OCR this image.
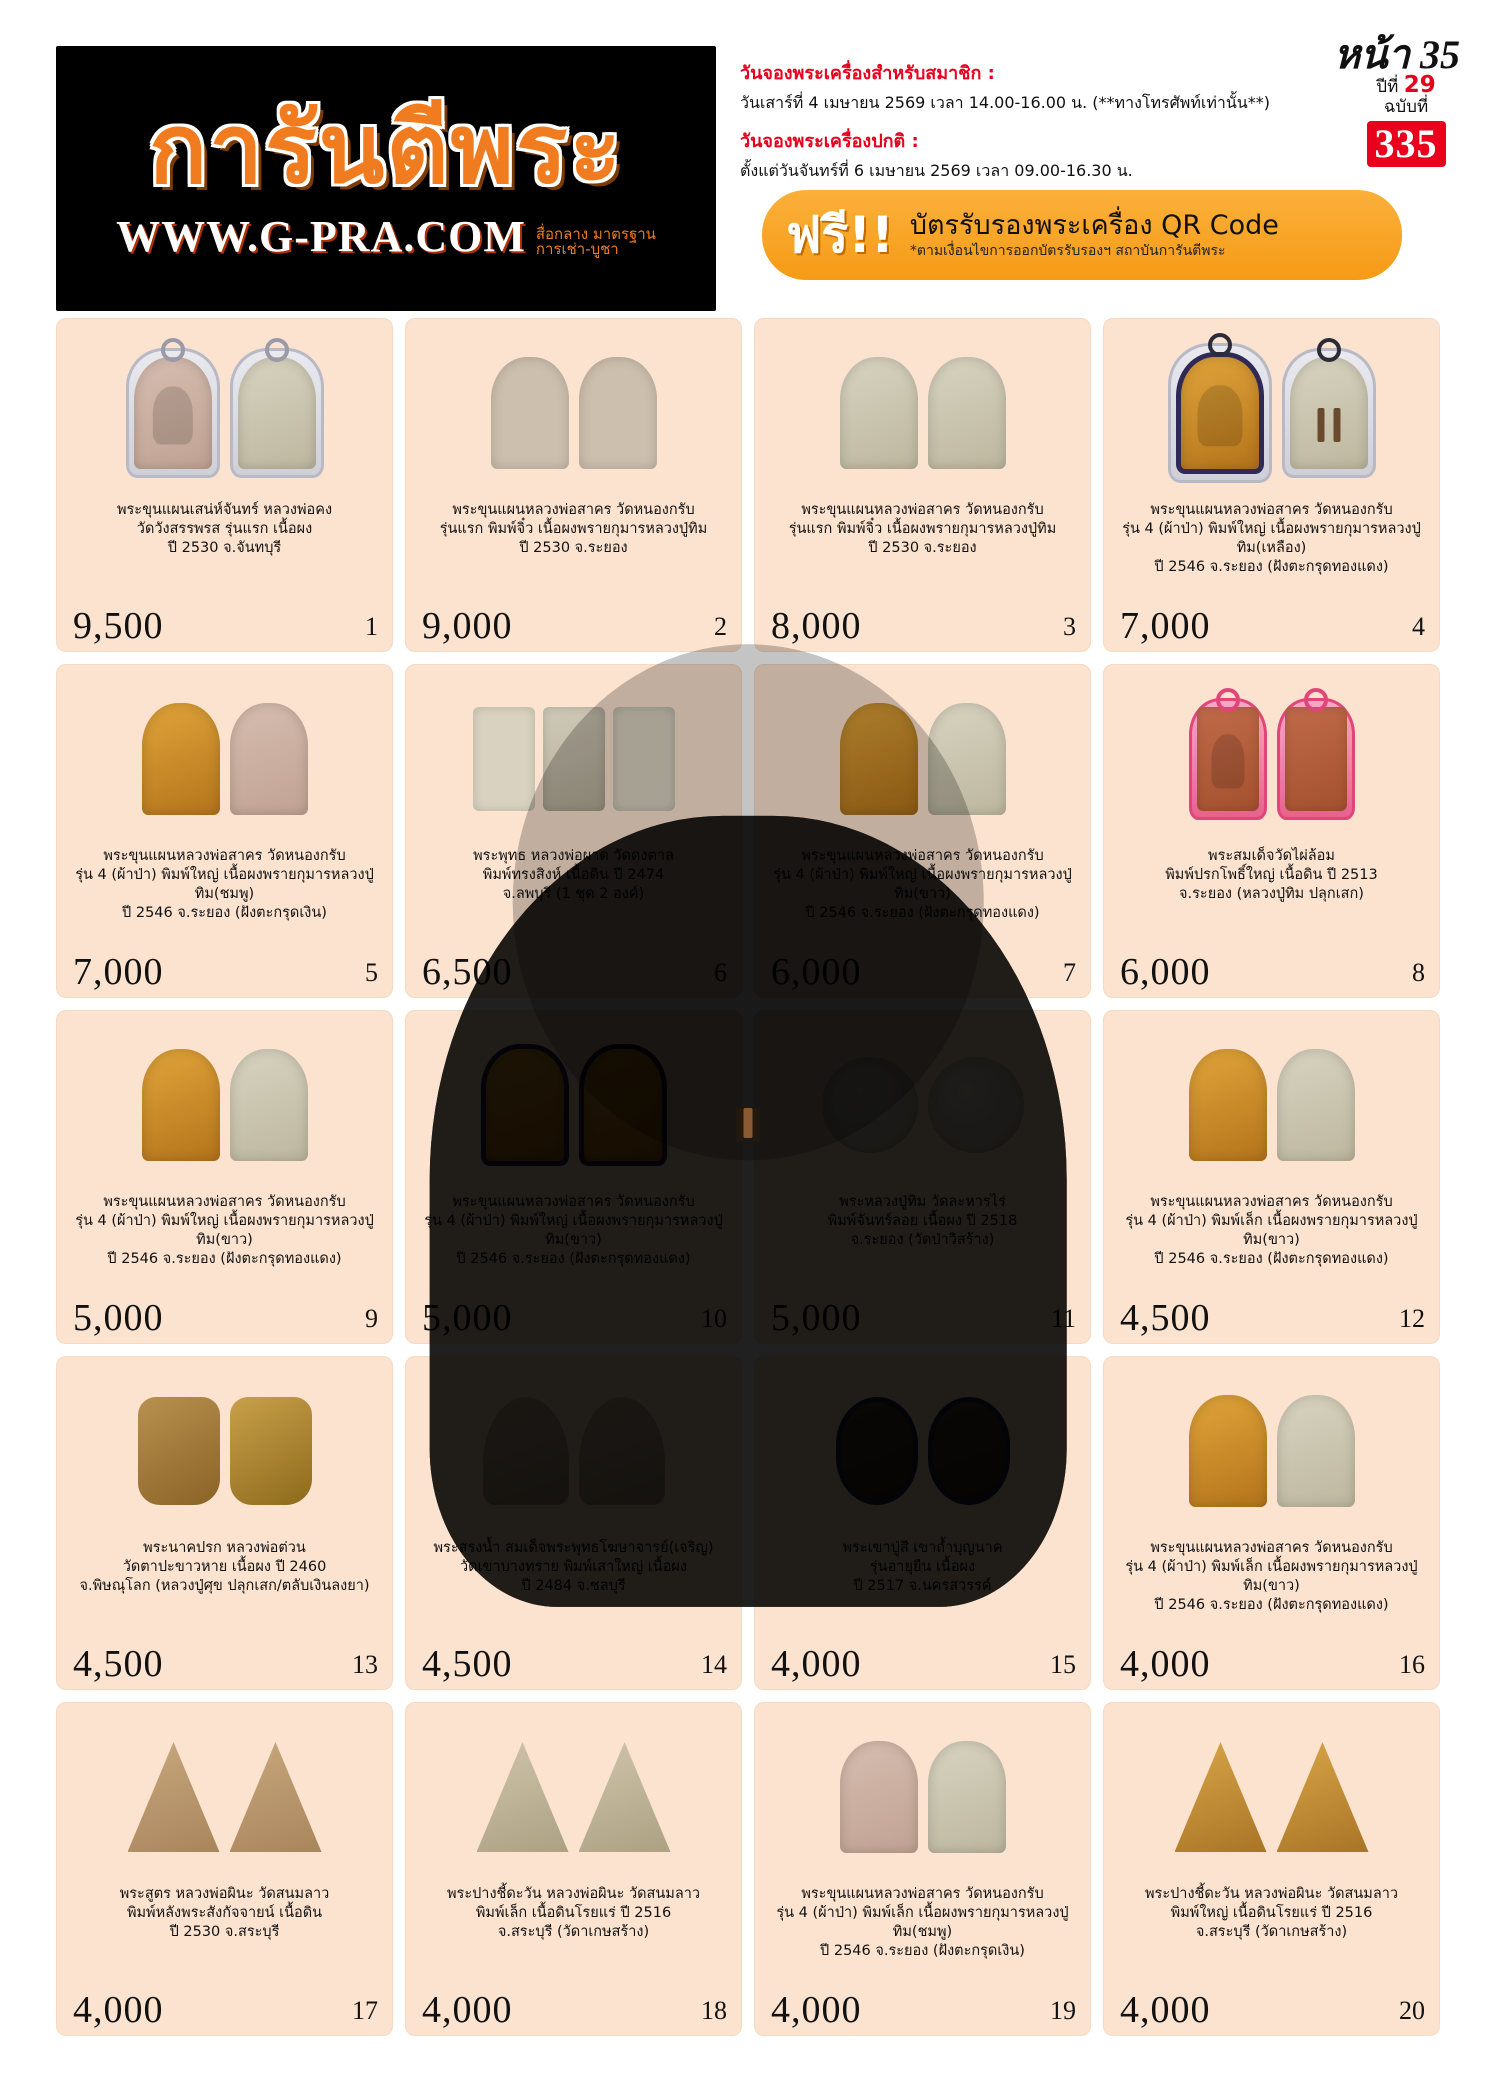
การันตีพระ
WWW.G-PRA.COM สื่อกลาง มาตรฐาน
การเช่า-บูชา
วันจองพระเครื่องสำหรับสมาชิก :
วันเสาร์ที่ 4 เมษายน 2569 เวลา 14.00-16.00 น. (**ทางโทรศัพท์เท่านั้น**)
วันจองพระเครื่องปกติ :
ตั้งแต่วันจันทร์ที่ 6 เมษายน 2569 เวลา 09.00-16.30 น.
หน้า 35
ปีที่ 29
ฉบับที่
335
ฟรี!! บัตรรับรองพระเครื่อง QR Code
*ตามเงื่อนไขการออกบัตรรับรองฯ สถาบันการันตีพระ
พระขุนแผนเสน่ห์จันทร์ หลวงพ่อคง
วัดวังสรรพรส รุ่นแรก เนื้อผง
ปี 2530 จ.จันทบุรี
9,500	1
พระขุนแผนหลวงพ่อสาคร วัดหนองกรับ
รุ่นแรก พิมพ์จิ๋ว เนื้อผงพรายกุมารหลวงปู่ทิม
ปี 2530 จ.ระยอง
9,000	2
พระขุนแผนหลวงพ่อสาคร วัดหนองกรับ
รุ่นแรก พิมพ์จิ๋ว เนื้อผงพรายกุมารหลวงปู่ทิม
ปี 2530 จ.ระยอง
8,000	3
พระขุนแผนหลวงพ่อสาคร วัดหนองกรับ
รุ่น 4 (ผ้าป่า) พิมพ์ใหญ่ เนื้อผงพรายกุมารหลวงปู่ทิม(เหลือง)
ปี 2546 จ.ระยอง (ฝังตะกรุดทองแดง)
7,000	4
พระขุนแผนหลวงพ่อสาคร วัดหนองกรับ
รุ่น 4 (ผ้าป่า) พิมพ์ใหญ่ เนื้อผงพรายกุมารหลวงปู่ทิม(ชมพู)
ปี 2546 จ.ระยอง (ฝังตะกรุดเงิน)
7,000	5
พระพุทธ หลวงพ่อผาด วัดดงตาล
พิมพ์ทรงสิงห์ เนื้อดิน ปี 2474
จ.ลพบุรี (1 ชุด 2 องค์)
6,500	6
พระขุนแผนหลวงพ่อสาคร วัดหนองกรับ
รุ่น 4 (ผ้าป่า) พิมพ์ใหญ่ เนื้อผงพรายกุมารหลวงปู่ทิม(ขาว)
ปี 2546 จ.ระยอง (ฝังตะกรุดทองแดง)
6,000	7
พระสมเด็จวัดไผ่ล้อม
พิมพ์ปรกโพธิ์ใหญ่ เนื้อดิน ปี 2513
จ.ระยอง (หลวงปู่ทิม ปลุกเสก)
6,000	8
พระขุนแผนหลวงพ่อสาคร วัดหนองกรับ
รุ่น 4 (ผ้าป่า) พิมพ์ใหญ่ เนื้อผงพรายกุมารหลวงปู่ทิม(ขาว)
ปี 2546 จ.ระยอง (ฝังตะกรุดทองแดง)
5,000	9
พระขุนแผนหลวงพ่อสาคร วัดหนองกรับ
รุ่น 4 (ผ้าป่า) พิมพ์ใหญ่ เนื้อผงพรายกุมารหลวงปู่ทิม(ขาว)
ปี 2546 จ.ระยอง (ฝังตะกรุดทองแดง)
5,000	10
พระหลวงปู่ทิม วัดละหารไร่
พิมพ์จันทร์ลอย เนื้อผง ปี 2518
จ.ระยอง (วัดป่าวิสร้าง)
5,000	11
พระขุนแผนหลวงพ่อสาคร วัดหนองกรับ
รุ่น 4 (ผ้าป่า) พิมพ์เล็ก เนื้อผงพรายกุมารหลวงปู่ทิม(ขาว)
ปี 2546 จ.ระยอง (ฝังตะกรุดทองแดง)
4,500	12
พระนาคปรก หลวงพ่อต่วน
วัดตาปะขาวหาย เนื้อผง ปี 2460
จ.พิษณุโลก (หลวงปู่ศุข ปลุกเสก/ตลับเงินลงยา)
4,500	13
พระสรงน้ำ สมเด็จพระพุทธโฆษาจารย์(เจริญ)
วัดเขาบางทราย พิมพ์เสาใหญ่ เนื้อผง
ปี 2484 จ.ชลบุรี
4,500	14
พระเขาปู่สี เขาถ้ำบุญนาค
รุ่นอายุยืน เนื้อผง
ปี 2517 จ.นครสวรรค์
4,000	15
พระขุนแผนหลวงพ่อสาคร วัดหนองกรับ
รุ่น 4 (ผ้าป่า) พิมพ์เล็ก เนื้อผงพรายกุมารหลวงปู่ทิม(ขาว)
ปี 2546 จ.ระยอง (ฝังตะกรุดทองแดง)
4,000	16
พระสูตร หลวงพ่อผินะ วัดสนมลาว
พิมพ์หลังพระสังกัจจายน์ เนื้อดิน
ปี 2530 จ.สระบุรี
4,000	17
พระปางชี้ดะวัน หลวงพ่อผินะ วัดสนมลาว
พิมพ์เล็ก เนื้อดินโรยแร่ ปี 2516
จ.สระบุรี (วัดาเกษสร้าง)
4,000	18
พระขุนแผนหลวงพ่อสาคร วัดหนองกรับ
รุ่น 4 (ผ้าป่า) พิมพ์เล็ก เนื้อผงพรายกุมารหลวงปู่ทิม(ชมพู)
ปี 2546 จ.ระยอง (ฝังตะกรุดเงิน)
4,000	19
พระปางชี้ดะวัน หลวงพ่อผินะ วัดสนมลาว
พิมพ์ใหญ่ เนื้อดินโรยแร่ ปี 2516
จ.สระบุรี (วัดาเกษสร้าง)
4,000	20
